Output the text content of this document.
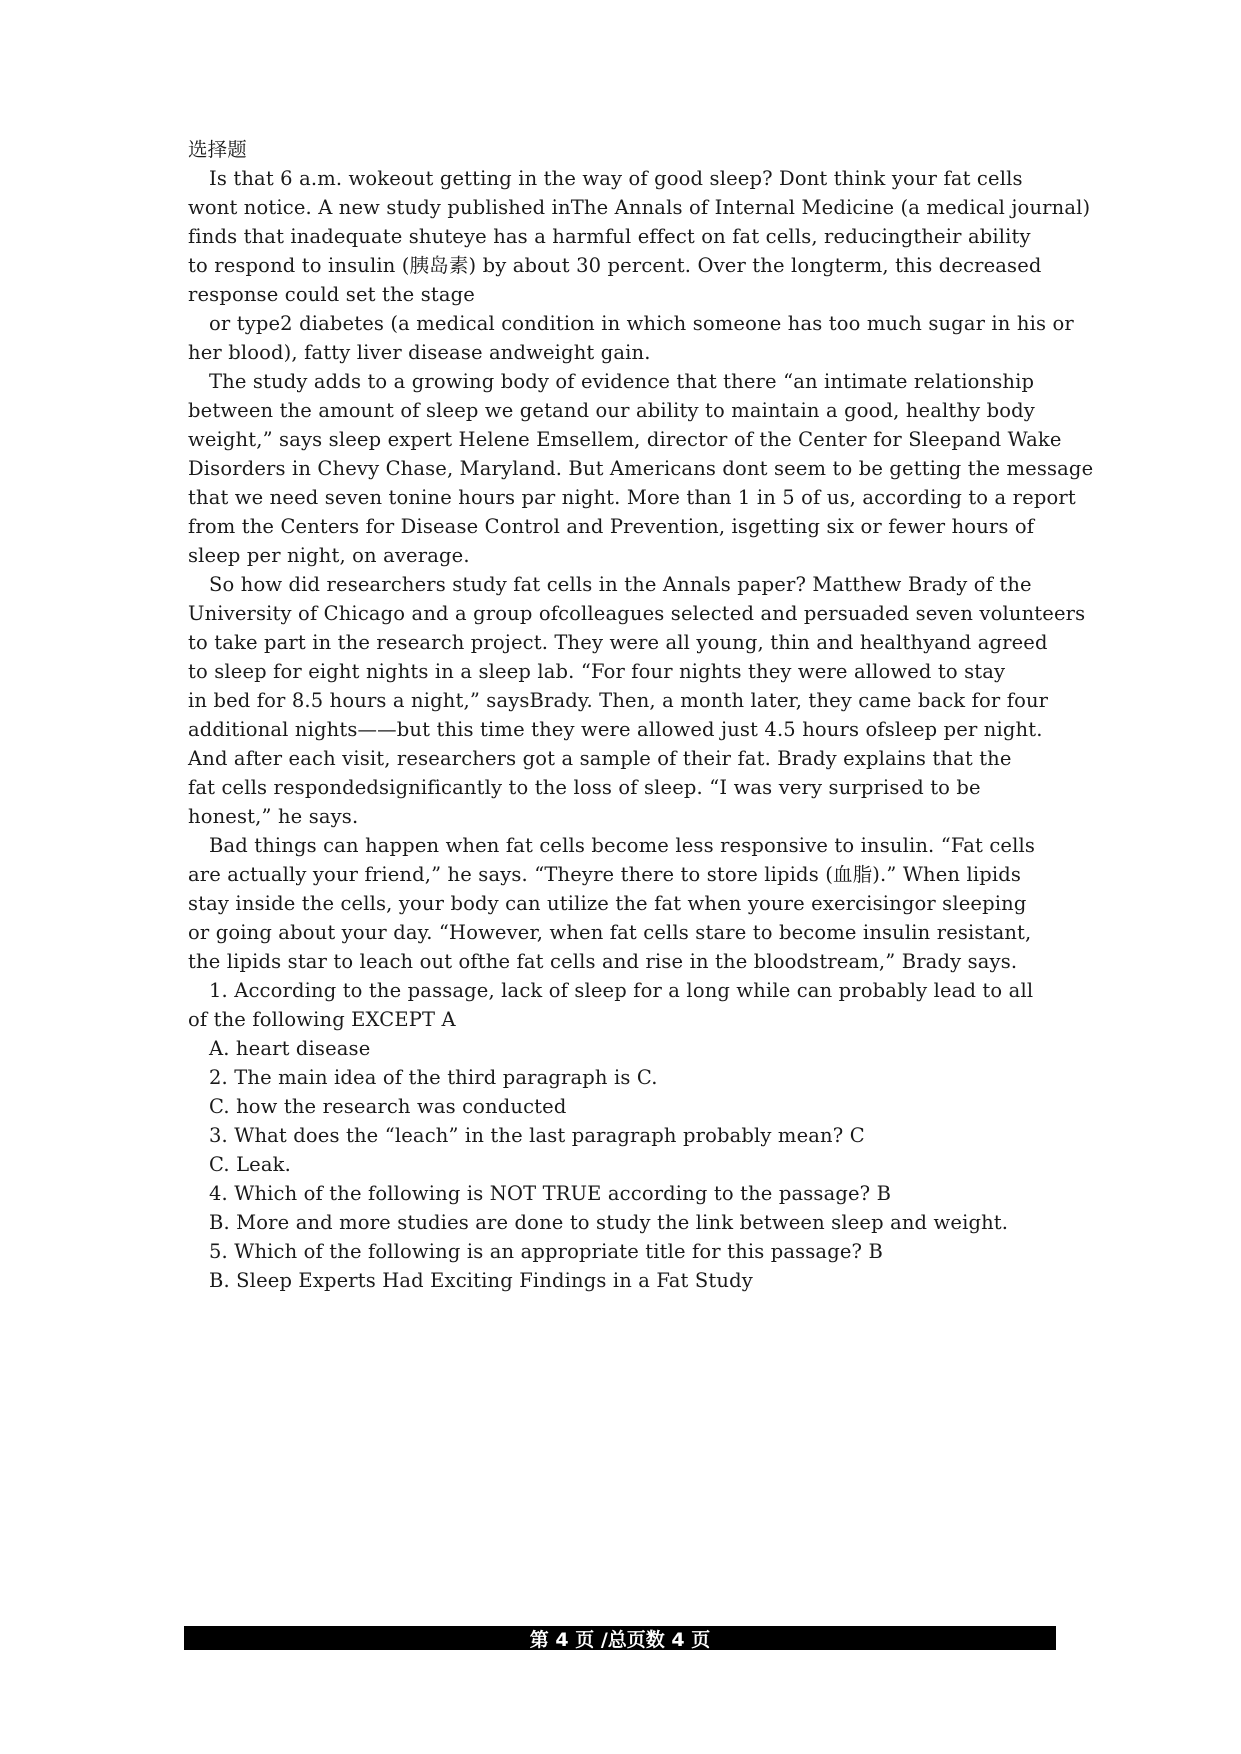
选择题
Is that 6 a.m. wokeout getting in the way of good sleep? Dont think your fat cells
wont notice. A new study published inThe Annals of Internal Medicine (a medical journal)
finds that inadequate shuteye has a harmful effect on fat cells, reducingtheir ability
to respond to insulin (胰岛素) by about 30 percent. Over the longterm, this decreased
response could set the stage
or type2 diabetes (a medical condition in which someone has too much sugar in his or
her blood), fatty liver disease andweight gain.
The study adds to a growing body of evidence that there “an intimate relationship
between the amount of sleep we getand our ability to maintain a good, healthy body
weight,” says sleep expert Helene Emsellem, director of the Center for Sleepand Wake
Disorders in Chevy Chase, Maryland. But Americans dont seem to be getting the message
that we need seven tonine hours par night. More than 1 in 5 of us, according to a report
from the Centers for Disease Control and Prevention, isgetting six or fewer hours of
sleep per night, on average.
So how did researchers study fat cells in the Annals paper? Matthew Brady of the
University of Chicago and a group ofcolleagues selected and persuaded seven volunteers
to take part in the research project. They were all young, thin and healthyand agreed
to sleep for eight nights in a sleep lab. “For four nights they were allowed to stay
in bed for 8.5 hours a night,” saysBrady. Then, a month later, they came back for four
additional nights——but this time they were allowed just 4.5 hours ofsleep per night.
And after each visit, researchers got a sample of their fat. Brady explains that the
fat cells respondedsignificantly to the loss of sleep. “I was very surprised to be
honest,” he says.
Bad things can happen when fat cells become less responsive to insulin. “Fat cells
are actually your friend,” he says. “Theyre there to store lipids (血脂).” When lipids
stay inside the cells, your body can utilize the fat when youre exercisingor sleeping
or going about your day. “However, when fat cells stare to become insulin resistant,
the lipids star to leach out ofthe fat cells and rise in the bloodstream,” Brady says.
1. According to the passage, lack of sleep for a long while can probably lead to all
of the following EXCEPT A
A. heart disease
2. The main idea of the third paragraph is C.
C. how the research was conducted
3. What does the “leach” in the last paragraph probably mean? C
C. Leak.
4. Which of the following is NOT TRUE according to the passage? B
B. More and more studies are done to study the link between sleep and weight.
5. Which of the following is an appropriate title for this passage? B
B. Sleep Experts Had Exciting Findings in a Fat Study
第 4 页 /总页数 4 页
